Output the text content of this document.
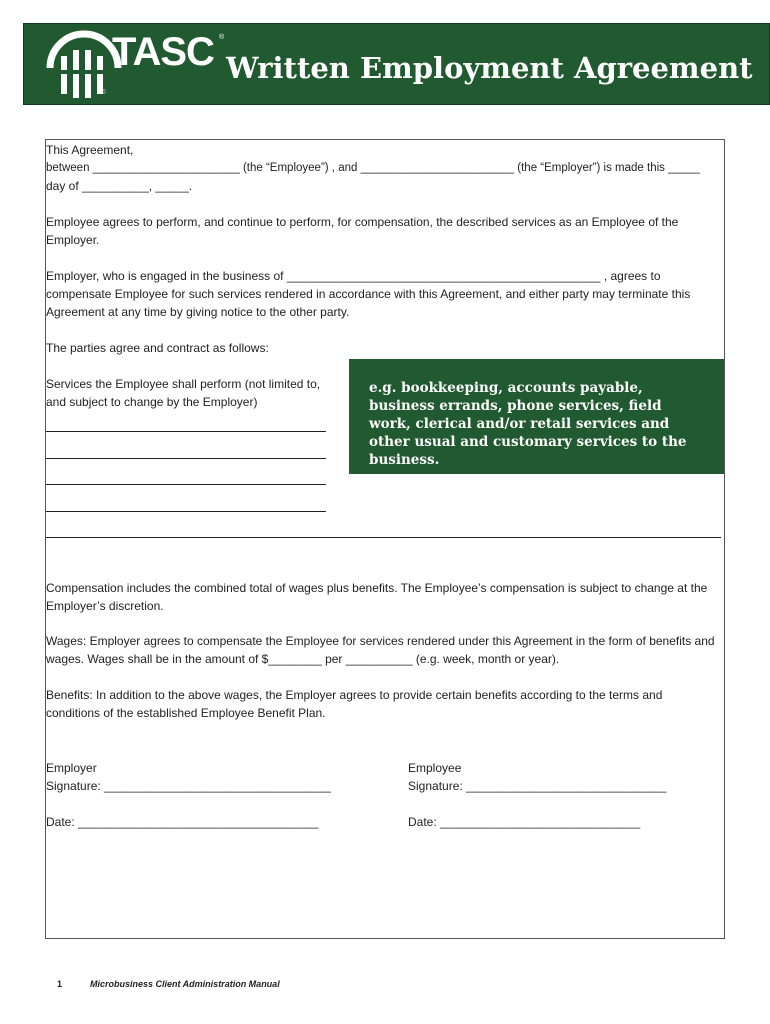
TASC ®
©
Written Employment Agreement
This Agreement,
between _______________________ (the “Employee”) , and ________________________ (the “Employer”) is made this _____
day of __________, _____.
Employee agrees to perform, and continue to perform, for compensation, the described services as an Employee of the Employer.
Employer, who is engaged in the business of _______________________________________________ , agrees to compensate Employee for such services rendered in accordance with this Agreement, and either party may terminate this Agreement at any time by giving notice to the other party.
The parties agree and contract as follows:
Services the Employee shall perform (not limited to, and subject to change by the Employer)

e.g. bookkeeping, accounts payable, business errands, phone services, field work, clerical and/or retail services and other usual and customary services to the business.

Compensation includes the combined total of wages plus benefits. The Employee’s compensation is subject to change at the Employer’s discretion.
Wages: Employer agrees to compensate the Employee for services rendered under this Agreement in the form of benefits and wages. Wages shall be in the amount of $________ per __________ (e.g. week, month or year).
Benefits: In addition to the above wages, the Employer agrees to provide certain benefits according to the terms and conditions of the established Employee Benefit Plan.
Employer
Signature: __________________________________
Date: ____________________________________
Employee
Signature: ______________________________
Date: ______________________________
1	Microbusiness Client Administration Manual
